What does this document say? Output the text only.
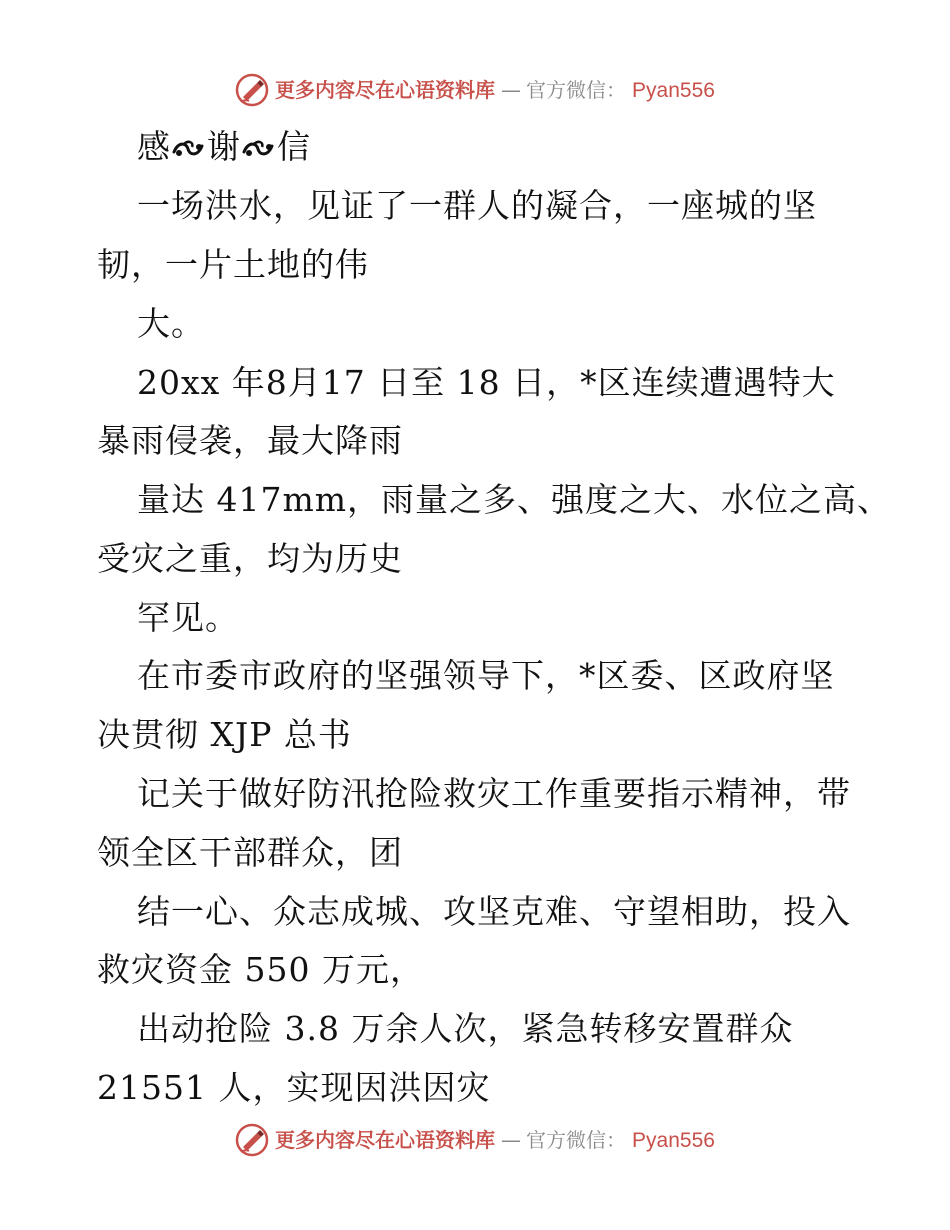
更多内容尽在心语资料库 — 官方微信： Pyan556
感 谢 信
一场洪水，见证了一群人的凝合，一座城的坚
韧，一片土地的伟
大。
20xx 年8月17 日至 18 日，*区连续遭遇特大
暴雨侵袭，最大降雨
量达 417mm，雨量之多、强度之大、水位之高、
受灾之重，均为历史
罕见。
在市委市政府的坚强领导下，*区委、区政府坚
决贯彻 XJP 总书
记关于做好防汛抢险救灾工作重要指示精神，带
领全区干部群众，团
结一心、众志成城、攻坚克难、守望相助，投入
救灾资金 550 万元，
出动抢险 3.8 万余人次，紧急转移安置群众
21551 人，实现因洪因灾
更多内容尽在心语资料库 — 官方微信： Pyan556
